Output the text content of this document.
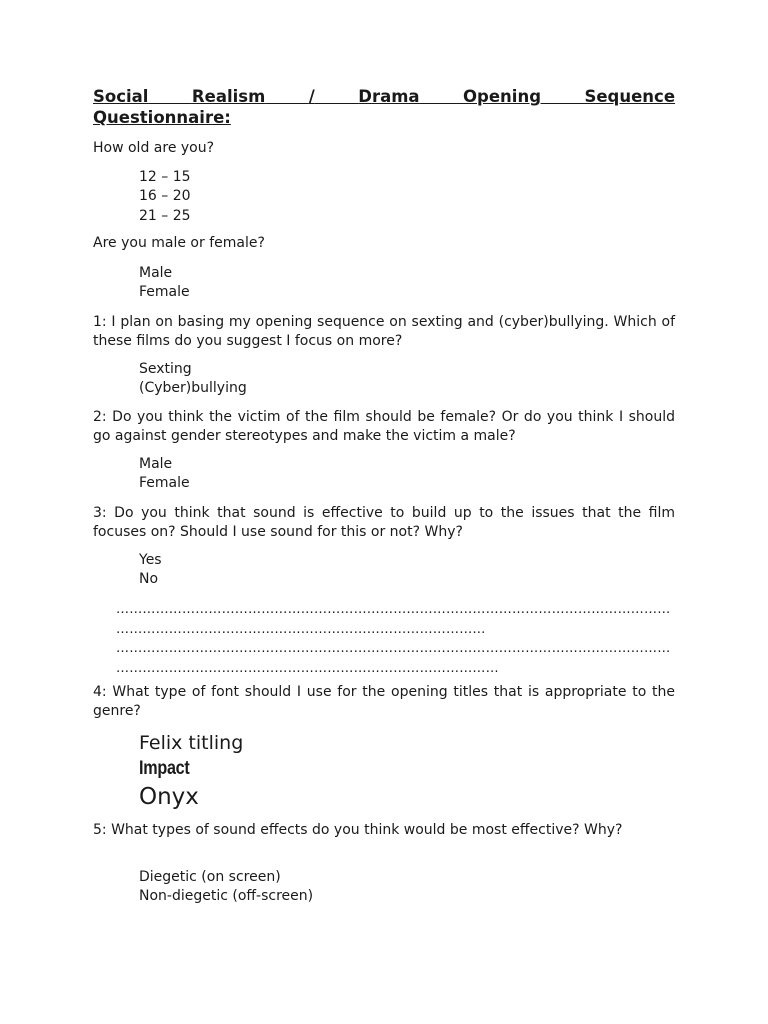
Social	Realism	/	Drama	Opening	Sequence
Questionnaire:
How old are you?
12 – 15
16 – 20
21 – 25
Are you male or female?
Male
Female
1: I plan on basing my opening sequence on sexting and (cyber)bullying. Which of these films do you suggest I focus on more?
Sexting
(Cyber)bullying
2: Do you think the victim of the film should be female? Or do you think I should go against gender stereotypes and make the victim a male?
Male
Female
3: Do you think that sound is effective to build up to the issues that the film focuses on? Should I use sound for this or not? Why?
Yes
No
………………………………………………………………………………………………………………
…………………………………………………………………………
………………………………………………………………………………………………………………
……………………………………………………………………………
4: What type of font should I use for the opening titles that is appropriate to the genre?
Felix titling
Impact
Onyx
5: What types of sound effects do you think would be most effective? Why?
Diegetic (on screen)
Non-diegetic (off-screen)
